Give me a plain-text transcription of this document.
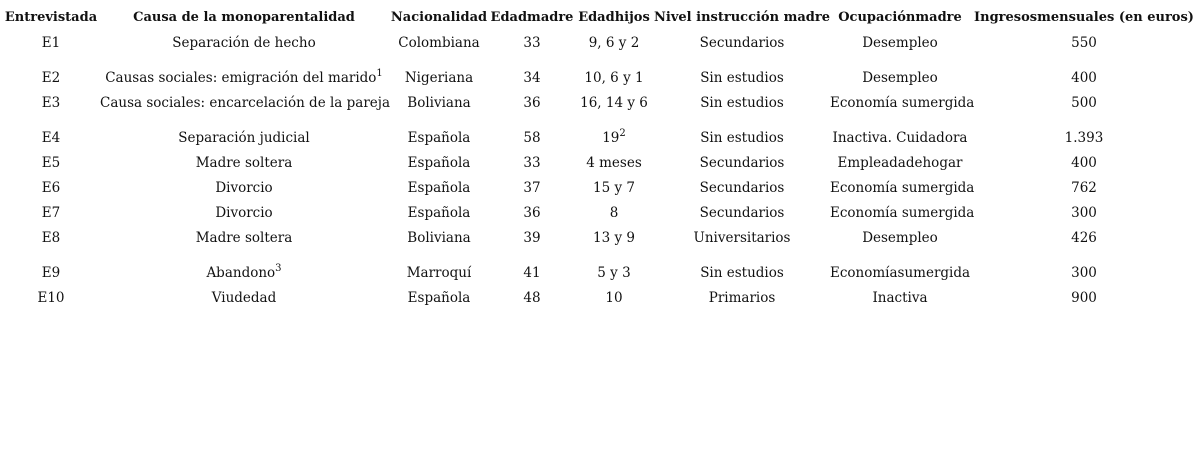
Entrevistada	Causa de la monoparentalidad	Nacionalidad	Edadmadre	Edadhijos	Nivel instrucción madre	Ocupaciónmadre	Ingresosmensuales (en euros)
E1	Separación de hecho	Colombiana	33	9, 6 y 2	Secundarios	Desempleo	550
E2	Causas sociales: emigración del marido$^1$	Nigeriana	34	10, 6 y 1	Sin estudios	Desempleo	400
E3	Causa sociales: encarcelación de la pareja	Boliviana	36	16, 14 y 6	Sin estudios	Economía sumergida	500
E4	Separación judicial	Española	58	$19^2$	Sin estudios	Inactiva. Cuidadora	1.393
E5	Madre soltera	Española	33	4 meses	Secundarios	Empleadadehogar	400
E6	Divorcio	Española	37	15 y 7	Secundarios	Economía sumergida	762
E7	Divorcio	Española	36	8	Secundarios	Economía sumergida	300
E8	Madre soltera	Boliviana	39	13 y 9	Universitarios	Desempleo	426
E9	Abandono$^3$	Marroquí	41	5 y 3	Sin estudios	Economíasumergida	300
E10	Viudedad	Española	48	10	Primarios	Inactiva	900
